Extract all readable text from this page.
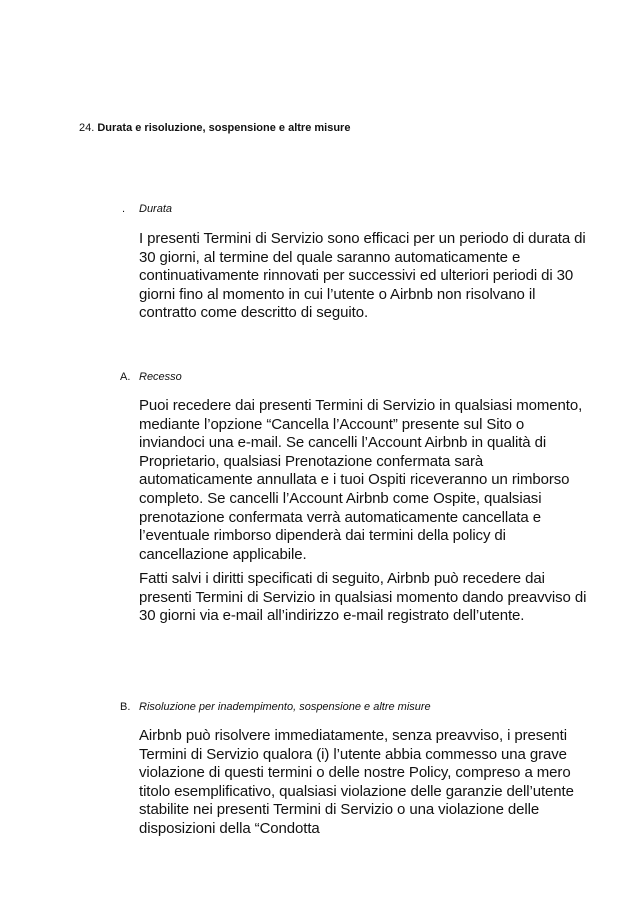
24. Durata e risoluzione, sospensione e altre misure
. Durata

I presenti Termini di Servizio sono efficaci per un periodo di durata di 30 giorni, al termine del quale saranno automaticamente e continuativamente rinnovati per successivi ed ulteriori periodi di 30 giorni fino al momento in cui l’utente o Airbnb non risolvano il contratto come descritto di seguito.

A. Recesso

Puoi recedere dai presenti Termini di Servizio in qualsiasi momento, mediante l’opzione “Cancella l’Account” presente sul Sito o inviandoci una e-mail. Se cancelli l’Account Airbnb in qualità di Proprietario, qualsiasi Prenotazione confermata sarà automaticamente annullata e i tuoi Ospiti riceveranno un rimborso completo. Se cancelli l’Account Airbnb come Ospite, qualsiasi prenotazione confermata verrà automaticamente cancellata e l’eventuale rimborso dipenderà dai termini della policy di cancellazione applicabile.

Fatti salvi i diritti specificati di seguito, Airbnb può recedere dai presenti Termini di Servizio in qualsiasi momento dando preavviso di 30 giorni via e-mail all’indirizzo e-mail registrato dell’utente.

B. Risoluzione per inadempimento, sospensione e altre misure

Airbnb può risolvere immediatamente, senza preavviso, i presenti Termini di Servizio qualora (i) l’utente abbia commesso una grave violazione di questi termini o delle nostre Policy, compreso a mero titolo esemplificativo, qualsiasi violazione delle garanzie dell’utente stabilite nei presenti Termini di Servizio o una violazione delle disposizioni della “Condotta
